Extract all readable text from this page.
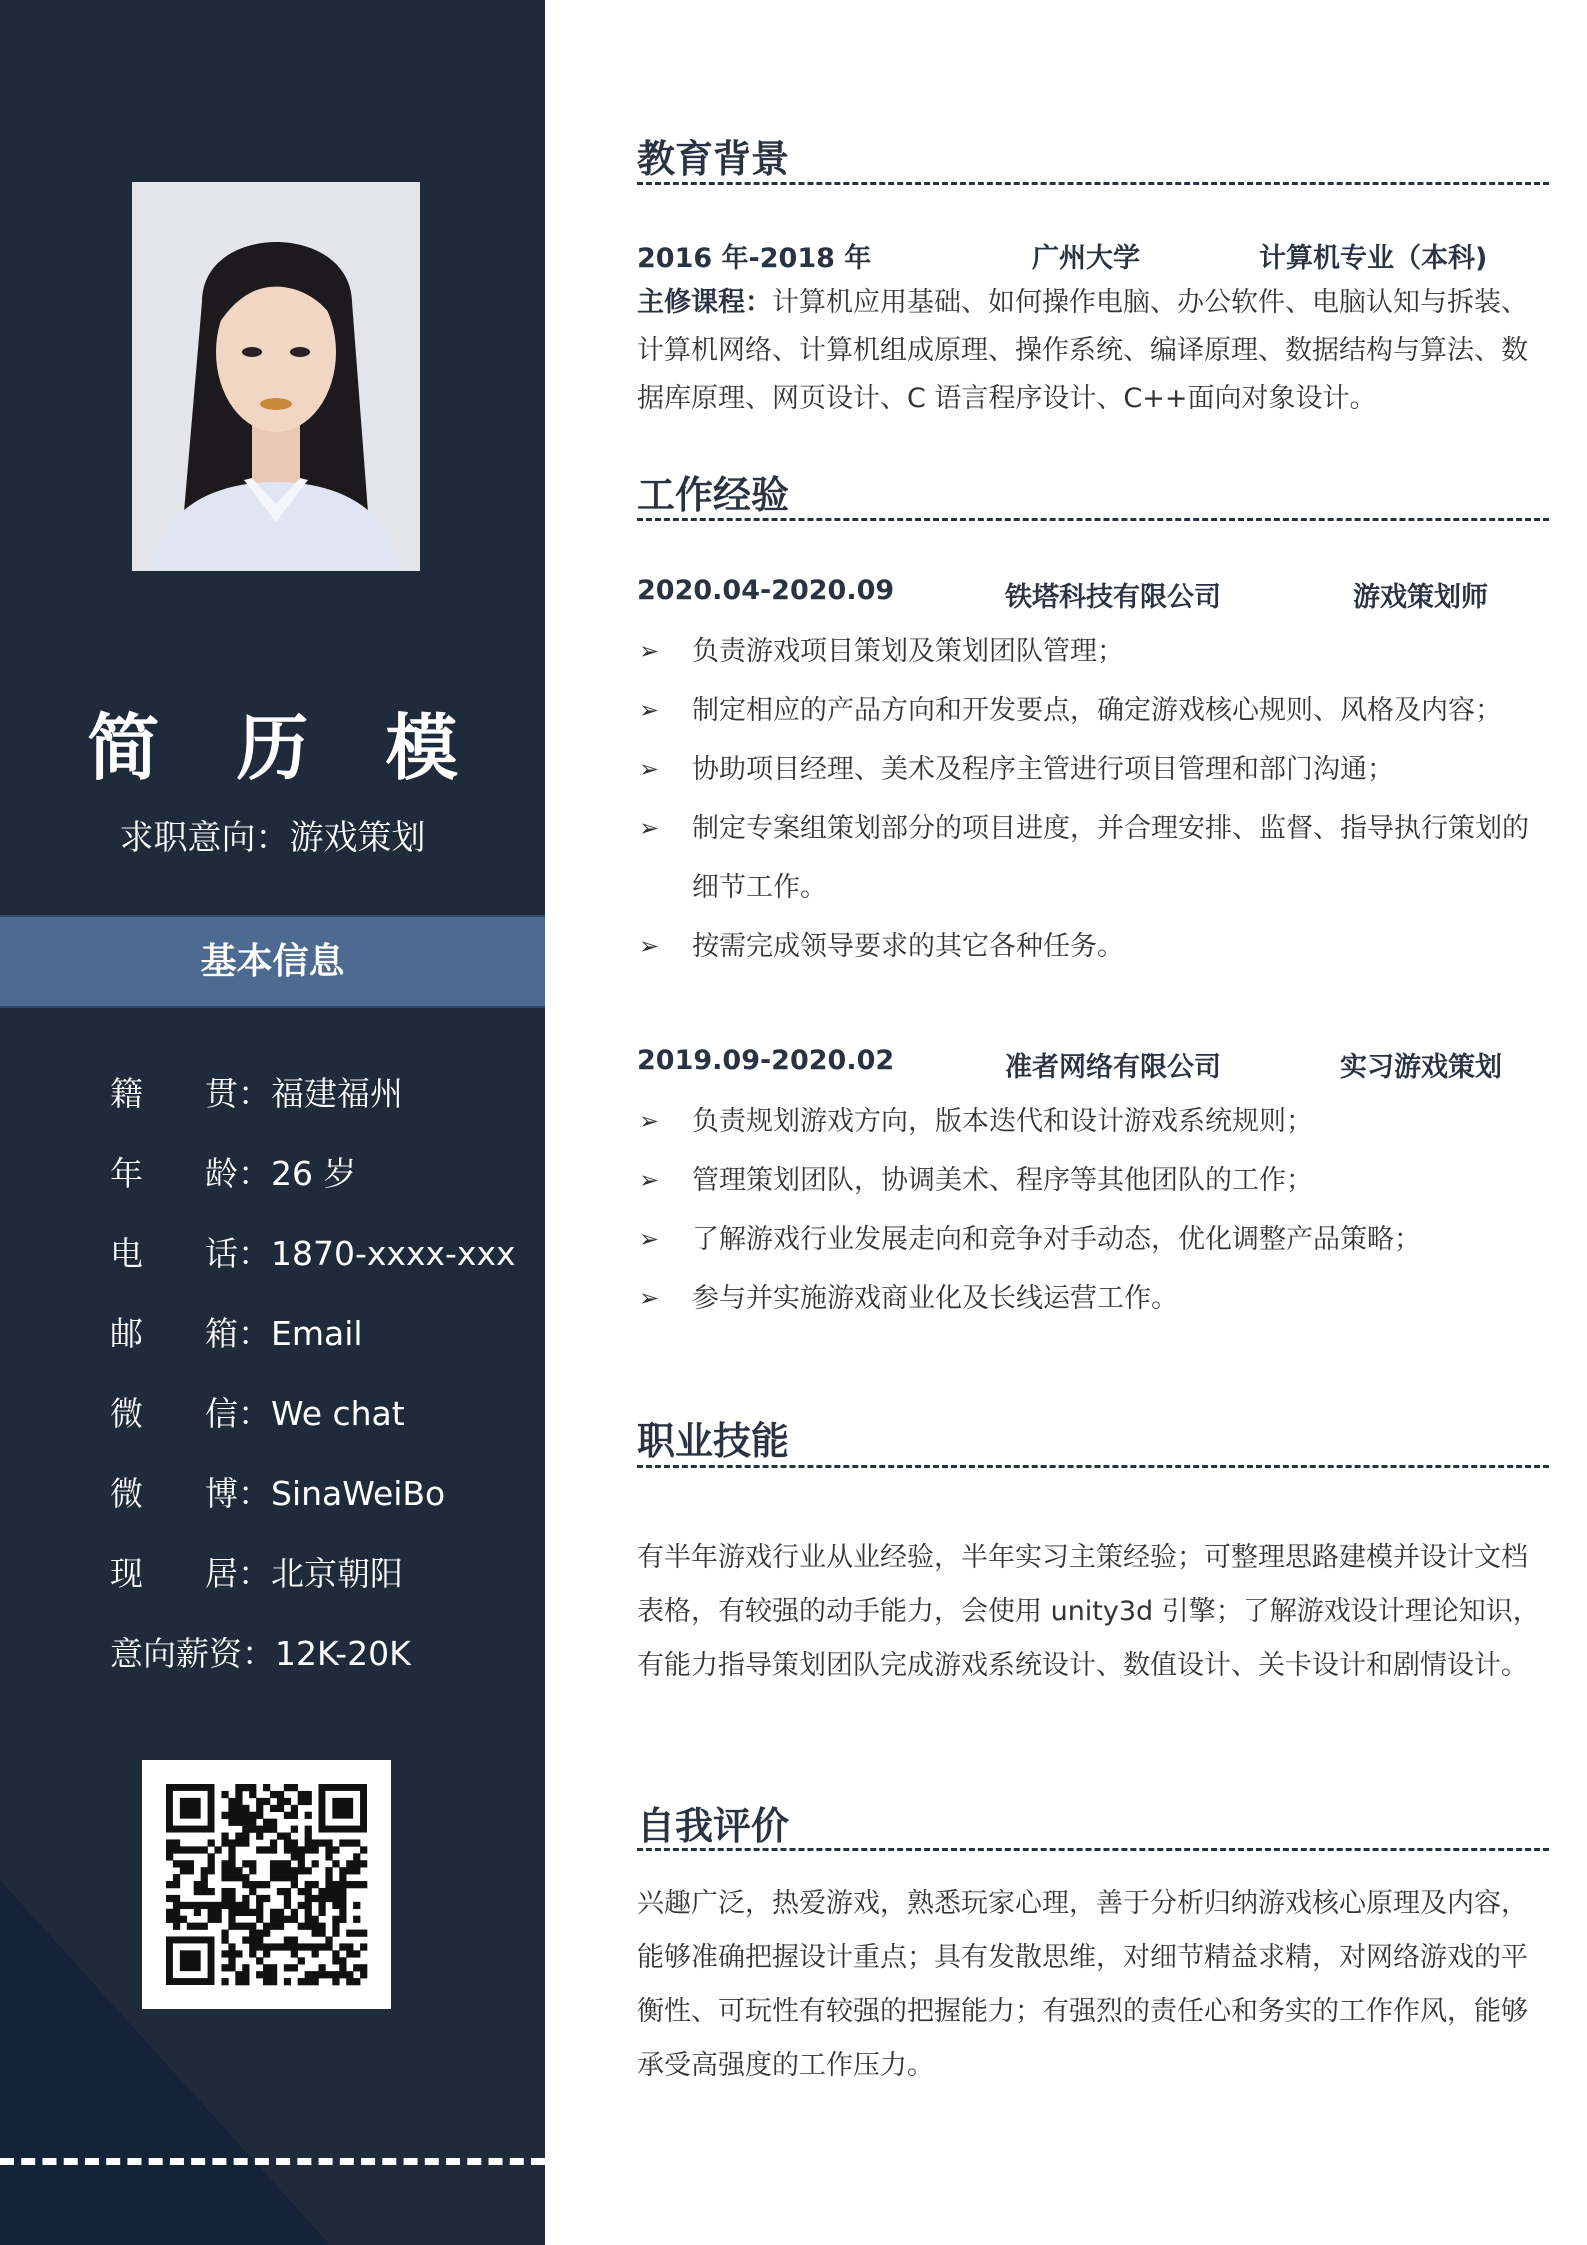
简 历 模
求职意向：游戏策划
基本信息
籍贯：福建福州
年龄：26 岁
电话：1870-xxxx-xxx
邮箱：Email
微信：We chat
微博：SinaWeiBo
现居：北京朝阳
意向薪资：12K-20K
教育背景
2016 年-2018 年	广州大学	计算机专业（本科)

主修课程：计算机应用基础、如何操作电脑、办公软件、电脑认知与拆装、计算机网络、计算机组成原理、操作系统、编译原理、数据结构与算法、数据库原理、网页设计、C 语言程序设计、C++面向对象设计。

工作经验
2020.04-2020.09	铁塔科技有限公司	游戏策划师
➢ 负责游戏项目策划及策划团队管理；
➢ 制定相应的产品方向和开发要点，确定游戏核心规则、风格及内容；
➢ 协助项目经理、美术及程序主管进行项目管理和部门沟通；
➢ 制定专案组策划部分的项目进度，并合理安排、监督、指导执行策划的细节工作。
➢ 按需完成领导要求的其它各种任务。
2019.09-2020.02	准者网络有限公司	实习游戏策划
➢ 负责规划游戏方向，版本迭代和设计游戏系统规则；
➢ 管理策划团队，协调美术、程序等其他团队的工作；
➢ 了解游戏行业发展走向和竞争对手动态，优化调整产品策略；
➢ 参与并实施游戏商业化及长线运营工作。
职业技能

有半年游戏行业从业经验，半年实习主策经验；可整理思路建模并设计文档表格，有较强的动手能力，会使用 unity3d 引擎；了解游戏设计理论知识，有能力指导策划团队完成游戏系统设计、数值设计、关卡设计和剧情设计。

自我评价

兴趣广泛，热爱游戏，熟悉玩家心理，善于分析归纳游戏核心原理及内容，能够准确把握设计重点；具有发散思维，对细节精益求精，对网络游戏的平衡性、可玩性有较强的把握能力；有强烈的责任心和务实的工作作风，能够承受高强度的工作压力。
